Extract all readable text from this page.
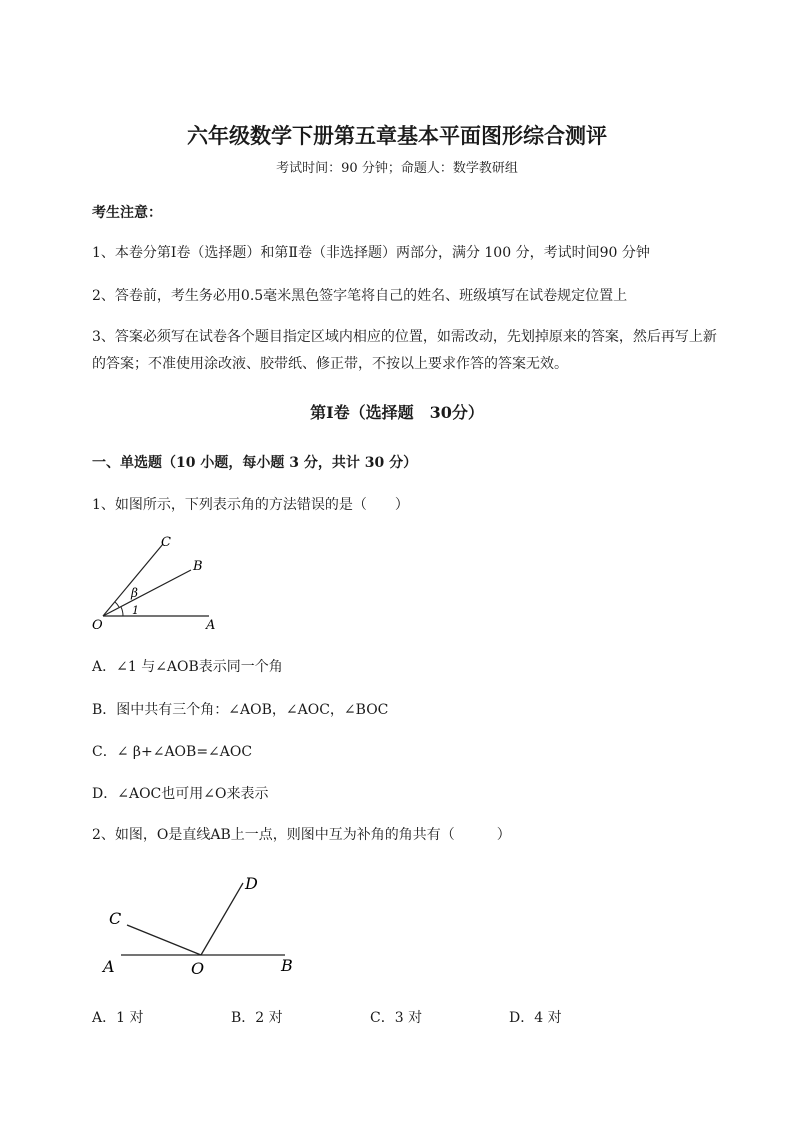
六年级数学下册第五章基本平面图形综合测评
考试时间：90 分钟；命题人：数学教研组
考生注意：
1、本卷分第Ⅰ卷（选择题）和第Ⅱ卷（非选择题）两部分，满分 100 分，考试时间90 分钟
2、答卷前，考生务必用0.5毫米黑色签字笔将自己的姓名、班级填写在试卷规定位置上
3、答案必须写在试卷各个题目指定区域内相应的位置，如需改动，先划掉原来的答案，然后再写上新
的答案；不准使用涂改液、胶带纸、修正带，不按以上要求作答的答案无效。
第Ⅰ卷（选择题　30分）
一、单选题（10 小题，每小题 3 分，共计 30 分）
1、如图所示，下列表示角的方法错误的是（　　）
C
B
O	A
β
1
A．∠1 与∠AOB表示同一个角
B．图中共有三个角：∠AOB，∠AOC，∠BOC
C．∠ β+∠AOB=∠AOC
D．∠AOC也可用∠O来表示
2、如图，O是直线AB上一点，则图中互为补角的角共有（　　　）
D
C
A	O	B
A．1 对	B．2 对	C．3 对	D．4 对
